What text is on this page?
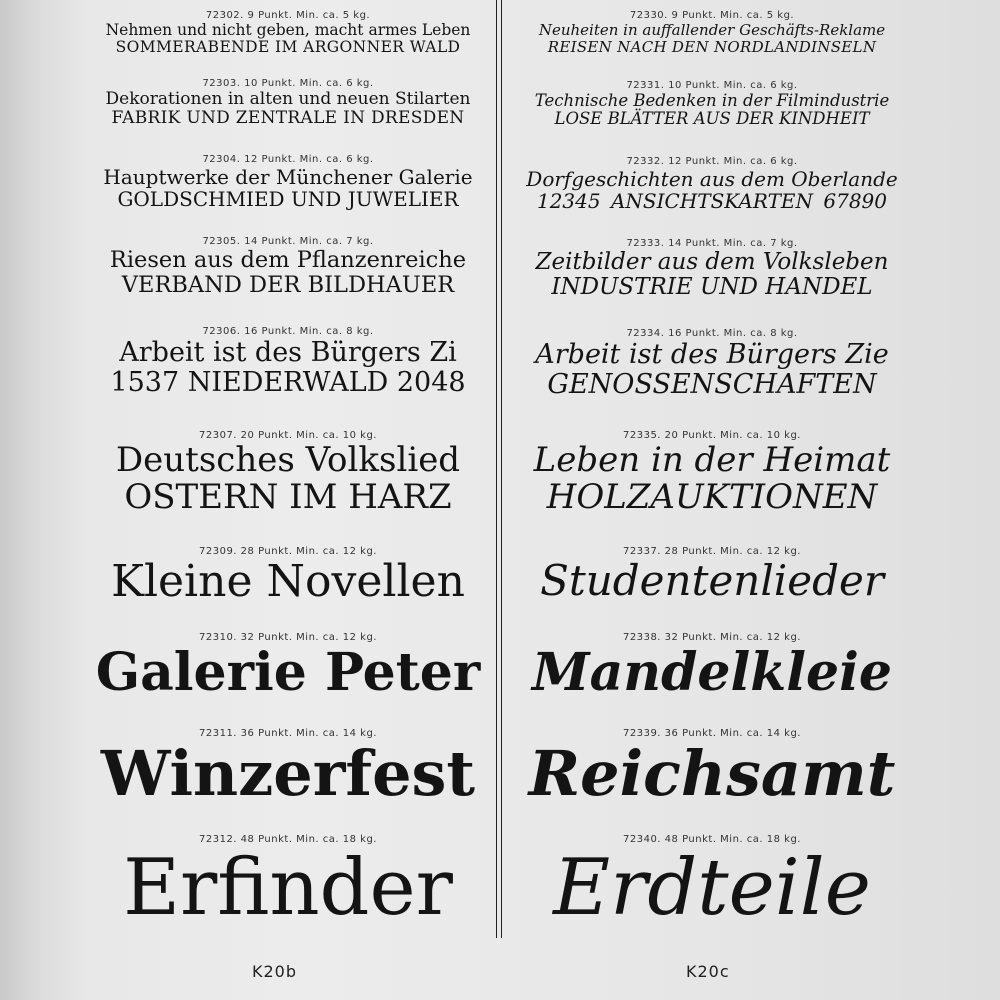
72302. 9 Punkt. Min. ca. 5 kg.
Nehmen und nicht geben, macht armes Leben
SOMMERABENDE IM ARGONNER WALD
72303. 10 Punkt. Min. ca. 6 kg.
Dekorationen in alten und neuen Stilarten
FABRIK UND ZENTRALE IN DRESDEN
72304. 12 Punkt. Min. ca. 6 kg.
Hauptwerke der Münchener Galerie
GOLDSCHMIED UND JUWELIER
72305. 14 Punkt. Min. ca. 7 kg.
Riesen aus dem Pflanzenreiche
VERBAND DER BILDHAUER
72306. 16 Punkt. Min. ca. 8 kg.
Arbeit ist des Bürgers Zi
1537 NIEDERWALD 2048
72307. 20 Punkt. Min. ca. 10 kg.
Deutsches Volkslied
OSTERN IM HARZ
72309. 28 Punkt. Min. ca. 12 kg.
Kleine Novellen
72310. 32 Punkt. Min. ca. 12 kg.
Galerie Peter
72311. 36 Punkt. Min. ca. 14 kg.
Winzerfest
72312. 48 Punkt. Min. ca. 18 kg.
Erfinder
72330. 9 Punkt. Min. ca. 5 kg.
Neuheiten in auffallender Geschäfts-Reklame
REISEN NACH DEN NORDLANDINSELN
72331. 10 Punkt. Min. ca. 6 kg.
Technische Bedenken in der Filmindustrie
LOSE BLÄTTER AUS DER KINDHEIT
72332. 12 Punkt. Min. ca. 6 kg.
Dorfgeschichten aus dem Oberlande
12345 ANSICHTSKARTEN 67890
72333. 14 Punkt. Min. ca. 7 kg.
Zeitbilder aus dem Volksleben
INDUSTRIE UND HANDEL
72334. 16 Punkt. Min. ca. 8 kg.
Arbeit ist des Bürgers Zie
GENOSSENSCHAFTEN
72335. 20 Punkt. Min. ca. 10 kg.
Leben in der Heimat
HOLZAUKTIONEN
72337. 28 Punkt. Min. ca. 12 kg.
Studentenlieder
72338. 32 Punkt. Min. ca. 12 kg.
Mandelkleie
72339. 36 Punkt. Min. ca. 14 kg.
Reichsamt
72340. 48 Punkt. Min. ca. 18 kg.
Erdteile
K20b	K20c
